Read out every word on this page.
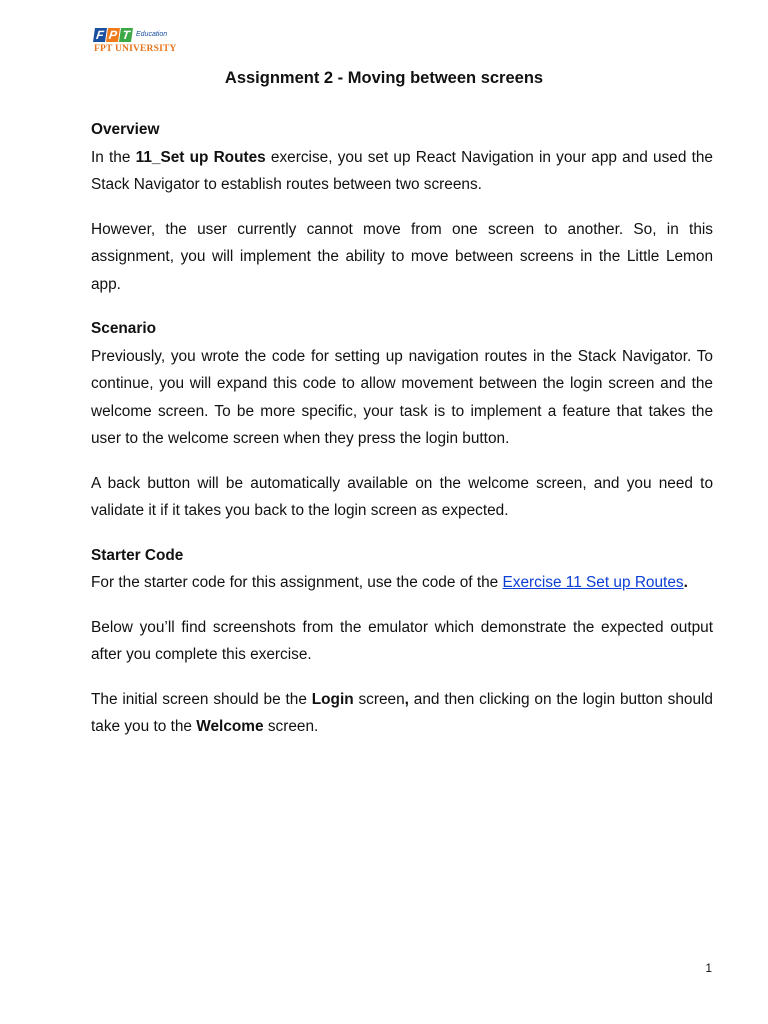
F P T Education
FPT UNIVERSITY
Assignment 2 - Moving between screens

Overview

In the 11_Set up Routes exercise, you set up React Navigation in your app and used the Stack Navigator to establish routes between two screens.

However, the user currently cannot move from one screen to another. So, in this assignment, you will implement the ability to move between screens in the Little Lemon app.

Scenario

Previously, you wrote the code for setting up navigation routes in the Stack Navigator. To continue, you will expand this code to allow movement between the login screen and the welcome screen. To be more specific, your task is to implement a feature that takes the user to the welcome screen when they press the login button.

A back button will be automatically available on the welcome screen, and you need to validate it if it takes you back to the login screen as expected.

Starter Code

For the starter code for this assignment, use the code of the Exercise 11 Set up Routes.

Below you’ll find screenshots from the emulator which demonstrate the expected output after you complete this exercise.

The initial screen should be the Login screen, and then clicking on the login button should take you to the Welcome screen.

1
